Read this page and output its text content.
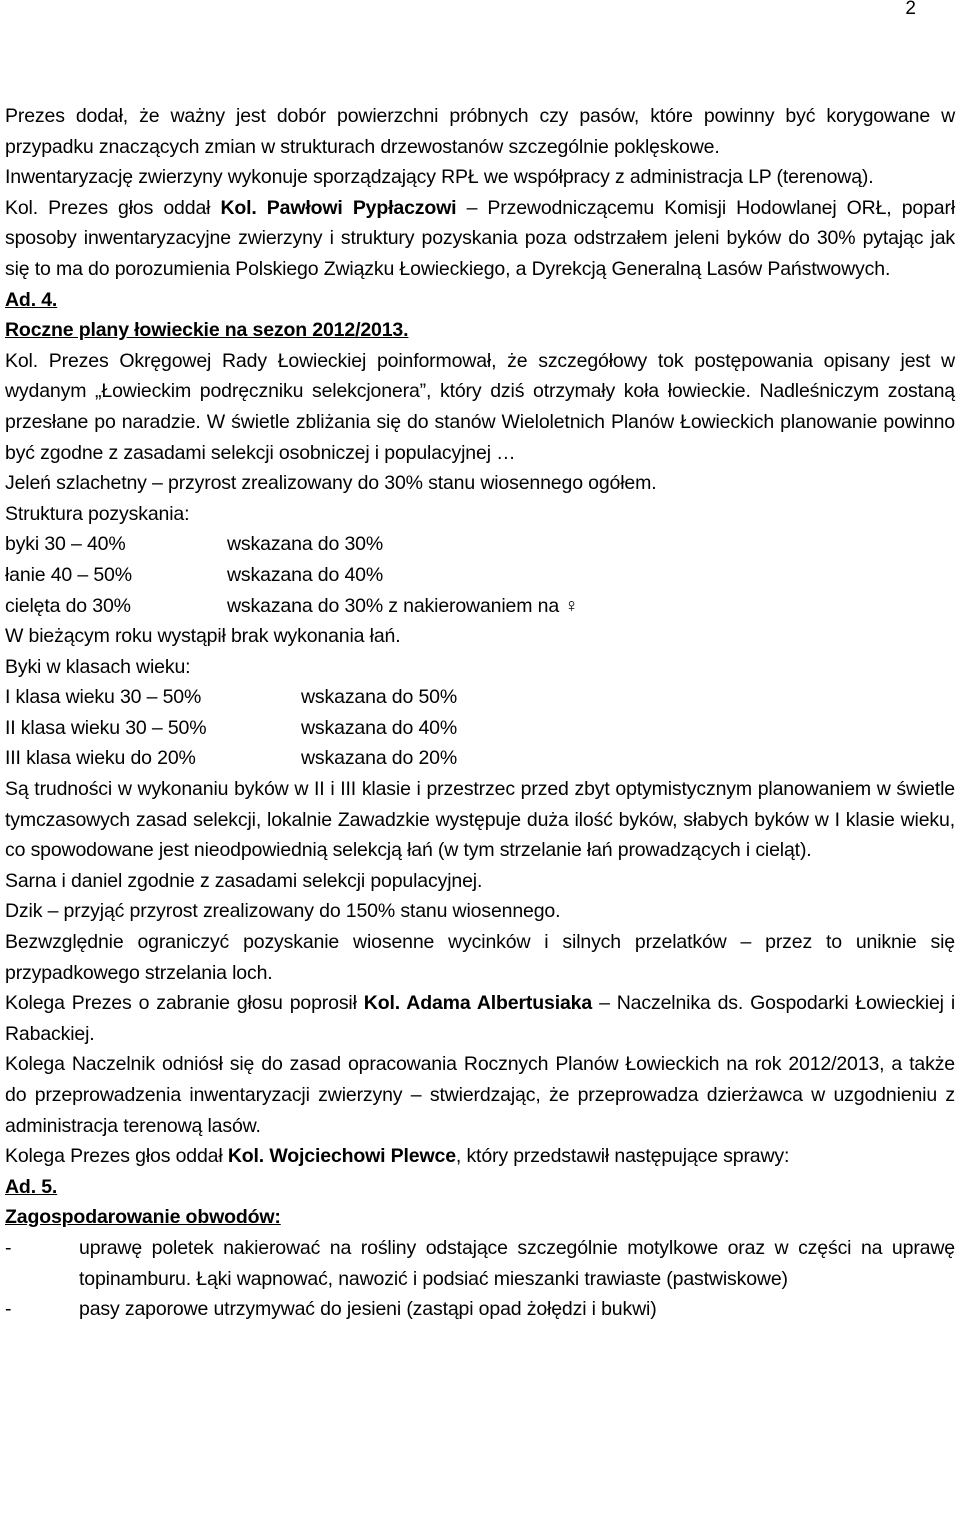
2

Prezes dodał, że ważny jest dobór powierzchni próbnych czy pasów, które powinny być korygowane w przypadku znaczących zmian w strukturach drzewostanów szczególnie poklęskowe.

Inwentaryzację zwierzyny wykonuje sporządzający RPŁ we współpracy z administracja LP (terenową).

Kol. Prezes głos oddał Kol. Pawłowi Pypłaczowi – Przewodniczącemu Komisji Hodowlanej ORŁ, poparł sposoby inwentaryzacyjne zwierzyny i struktury pozyskania poza odstrzałem jeleni byków do 30% pytając jak się to ma do porozumienia Polskiego Związku Łowieckiego, a Dyrekcją Generalną Lasów Państwowych.

Ad. 4.

Roczne plany łowieckie na sezon 2012/2013.

Kol. Prezes Okręgowej Rady Łowieckiej poinformował, że szczegółowy tok postępowania opisany jest w wydanym „Łowieckim podręczniku selekcjonera”, który dziś otrzymały koła łowieckie. Nadleśniczym zostaną przesłane po naradzie. W świetle zbliżania się do stanów Wieloletnich Planów Łowieckich planowanie powinno być zgodne z zasadami selekcji osobniczej i populacyjnej …

Jeleń szlachetny – przyrost zrealizowany do 30% stanu wiosennego ogółem.

Struktura pozyskania:

byki 30 – 40%	wskazana do 30%
łanie 40 – 50%	wskazana do 40%
cielęta do 30%	wskazana do 30% z nakierowaniem na ♀

W bieżącym roku wystąpił brak wykonania łań.

Byki w klasach wieku:

I klasa wieku 30 – 50%	wskazana do 50%
II klasa wieku 30 – 50%	wskazana do 40%
III klasa wieku do 20%	wskazana do 20%

Są trudności w wykonaniu byków w II i III klasie i przestrzec przed zbyt optymistycznym planowaniem w świetle tymczasowych zasad selekcji, lokalnie Zawadzkie występuje duża ilość byków, słabych byków w I klasie wieku, co spowodowane jest nieodpowiednią selekcją łań (w tym strzelanie łań prowadzących i cieląt).

Sarna i daniel zgodnie z zasadami selekcji populacyjnej.

Dzik – przyjąć przyrost zrealizowany do 150% stanu wiosennego.

Bezwzględnie ograniczyć pozyskanie wiosenne wycinków i silnych przelatków – przez to uniknie się przypadkowego strzelania loch.

Kolega Prezes o zabranie głosu poprosił Kol. Adama Albertusiaka – Naczelnika ds. Gospodarki Łowieckiej i Rabackiej.

Kolega Naczelnik odniósł się do zasad opracowania Rocznych Planów Łowieckich na rok 2012/2013, a także do przeprowadzenia inwentaryzacji zwierzyny – stwierdzając, że przeprowadza dzierżawca w uzgodnieniu z administracja terenową lasów.

Kolega Prezes głos oddał Kol. Wojciechowi Plewce, który przedstawił następujące sprawy:

Ad. 5.

Zagospodarowanie obwodów:

-	uprawę poletek nakierować na rośliny odstające szczególnie motylkowe oraz w części na uprawę topinamburu. Łąki wapnować, nawozić i podsiać mieszanki trawiaste (pastwiskowe)
-	pasy zaporowe utrzymywać do jesieni (zastąpi opad żołędzi i bukwi)
